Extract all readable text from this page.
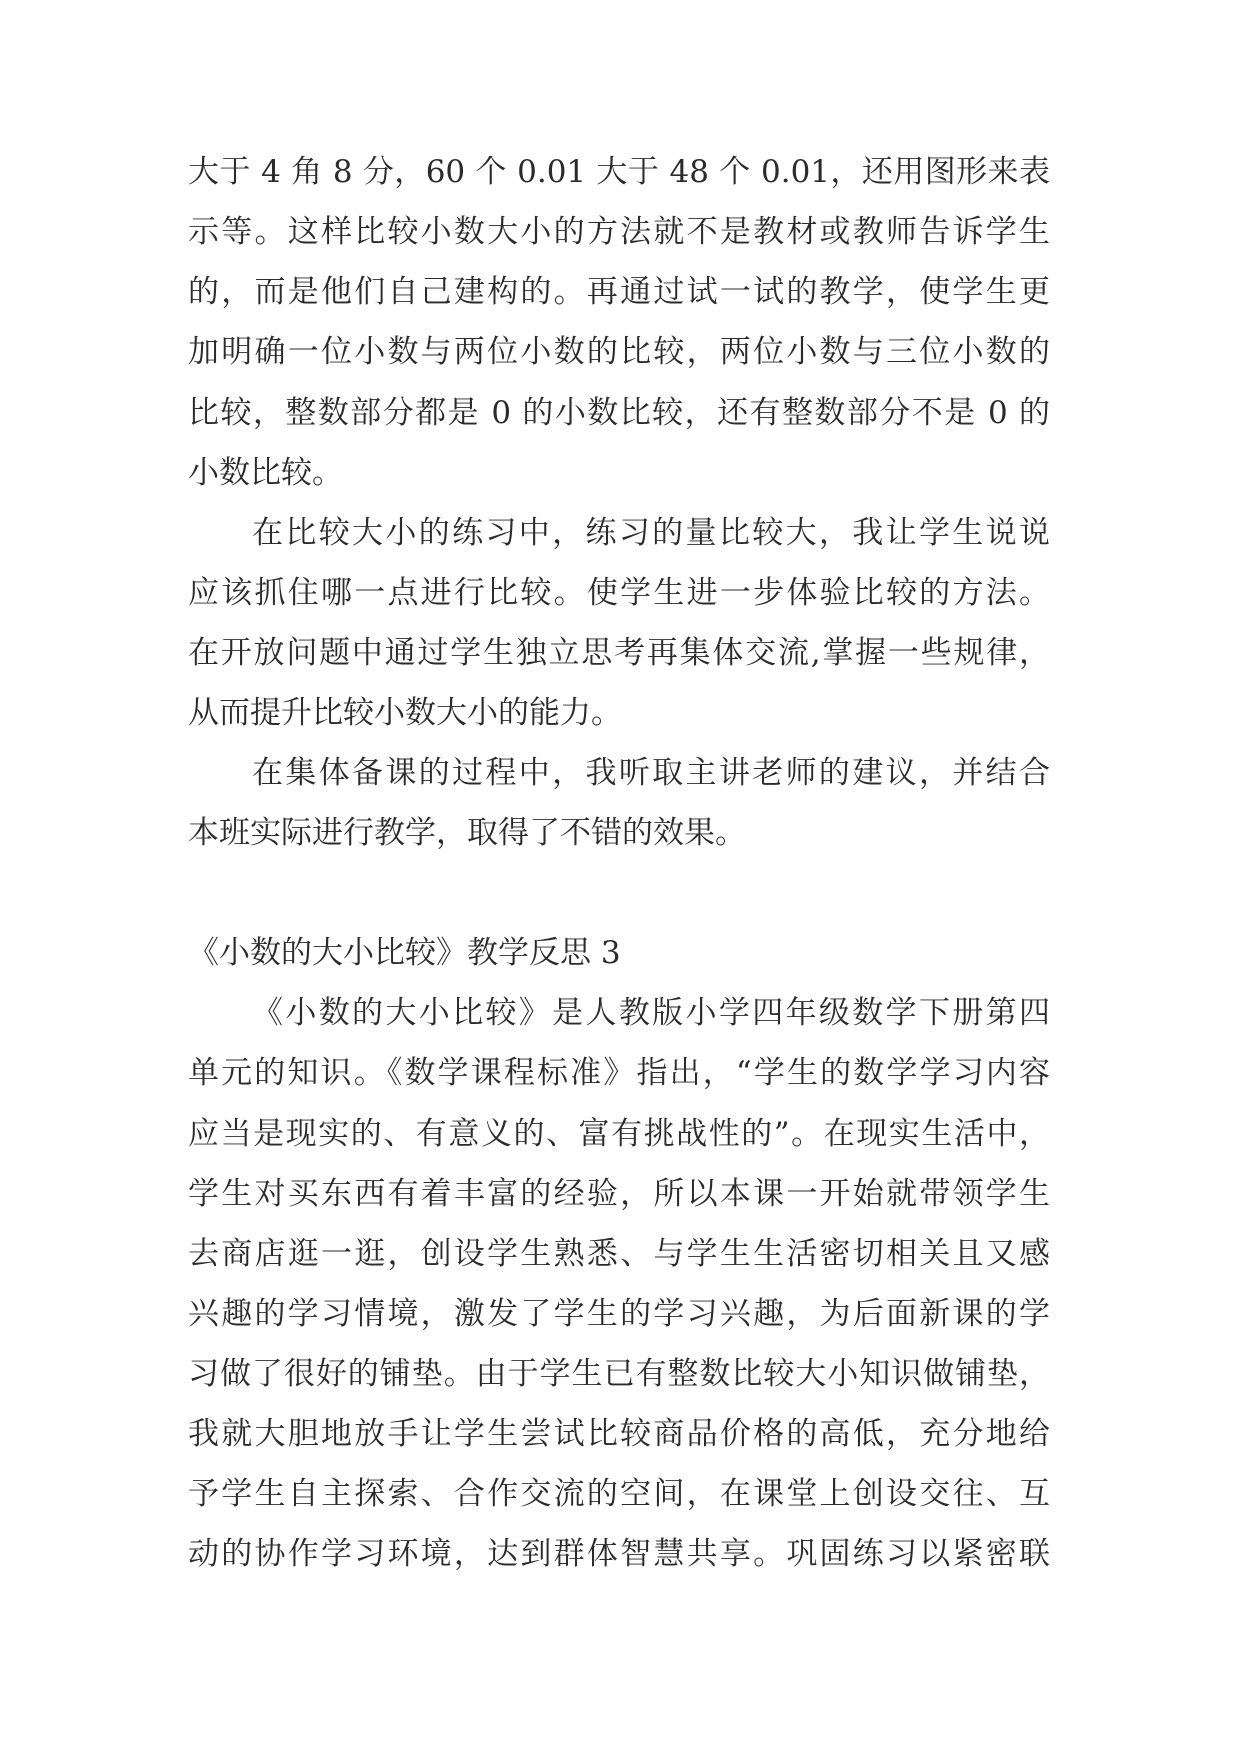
大于 4 角 8 分，60 个 0.01 大于 48 个 0.01，还用图形来表
示等。这样比较小数大小的方法就不是教材或教师告诉学生
的，而是他们自己建构的。再通过试一试的教学，使学生更
加明确一位小数与两位小数的比较，两位小数与三位小数的
比较，整数部分都是 0 的小数比较，还有整数部分不是 0 的
小数比较。
在比较大小的练习中，练习的量比较大，我让学生说说
应该抓住哪一点进行比较。使学生进一步体验比较的方法。
在开放问题中通过学生独立思考再集体交流,掌握一些规律，
从而提升比较小数大小的能力。
在集体备课的过程中，我听取主讲老师的建议，并结合
本班实际进行教学，取得了不错的效果。
《小数的大小比较》教学反思 3
《小数的大小比较》是人教版小学四年级数学下册第四
单元的知识。《数学课程标准》指出，“学生的数学学习内容
应当是现实的、有意义的、富有挑战性的”。在现实生活中，
学生对买东西有着丰富的经验，所以本课一开始就带领学生
去商店逛一逛，创设学生熟悉、与学生生活密切相关且又感
兴趣的学习情境，激发了学生的学习兴趣，为后面新课的学
习做了很好的铺垫。由于学生已有整数比较大小知识做铺垫，
我就大胆地放手让学生尝试比较商品价格的高低，充分地给
予学生自主探索、合作交流的空间，在课堂上创设交往、互
动的协作学习环境，达到群体智慧共享。巩固练习以紧密联
